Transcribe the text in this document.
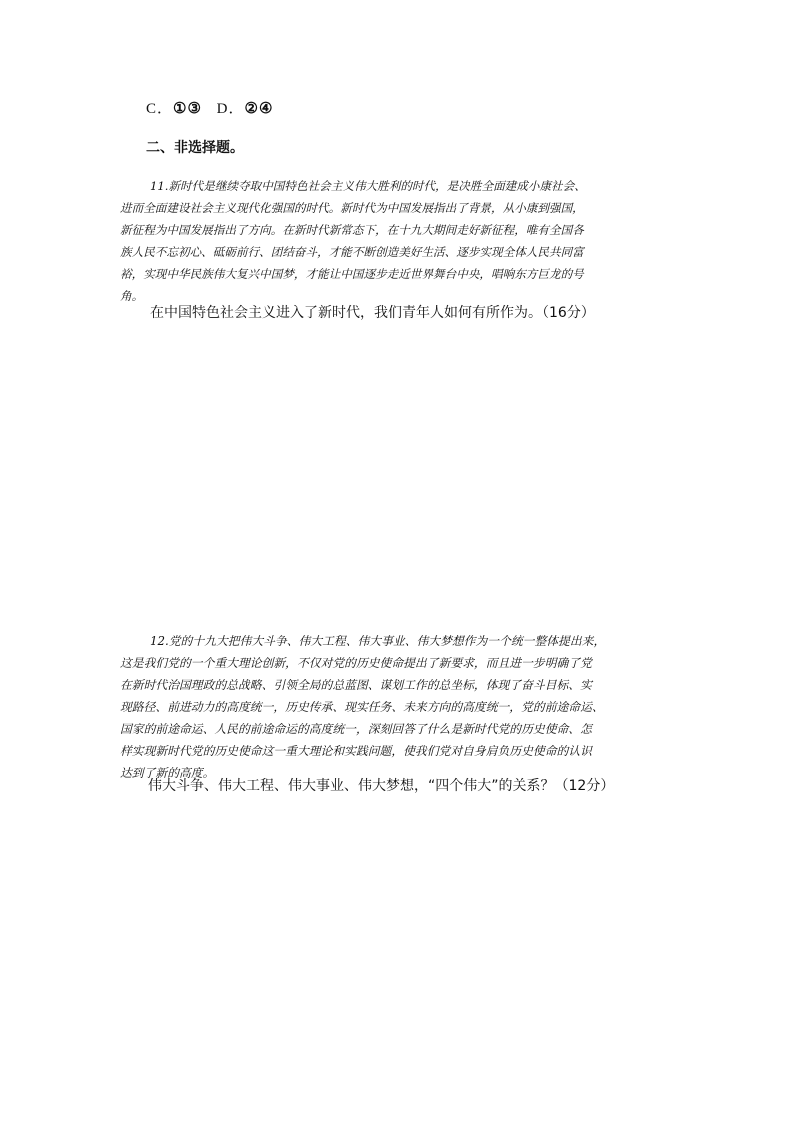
C．①③ D．②④
二、非选择题。
11.新时代是继续夺取中国特色社会主义伟大胜利的时代，是决胜全面建成小康社会、
进而全面建设社会主义现代化强国的时代。新时代为中国发展指出了背景，从小康到强国，
新征程为中国发展指出了方向。在新时代新常态下，在十九大期间走好新征程，唯有全国各
族人民不忘初心、砥砺前行、团结奋斗，才能不断创造美好生活、逐步实现全体人民共同富
裕，实现中华民族伟大复兴中国梦，才能让中国逐步走近世界舞台中央，唱响东方巨龙的号
角。
在中国特色社会主义进入了新时代，我们青年人如何有所作为。（16分）
12.党的十九大把伟大斗争、伟大工程、伟大事业、伟大梦想作为一个统一整体提出来，
这是我们党的一个重大理论创新，不仅对党的历史使命提出了新要求，而且进一步明确了党
在新时代治国理政的总战略、引领全局的总蓝图、谋划工作的总坐标，体现了奋斗目标、实
现路径、前进动力的高度统一，历史传承、现实任务、未来方向的高度统一，党的前途命运、
国家的前途命运、人民的前途命运的高度统一，深刻回答了什么是新时代党的历史使命、怎
样实现新时代党的历史使命这一重大理论和实践问题，使我们党对自身肩负历史使命的认识
达到了新的高度。
伟大斗争、伟大工程、伟大事业、伟大梦想，“四个伟大”的关系？（12分）
